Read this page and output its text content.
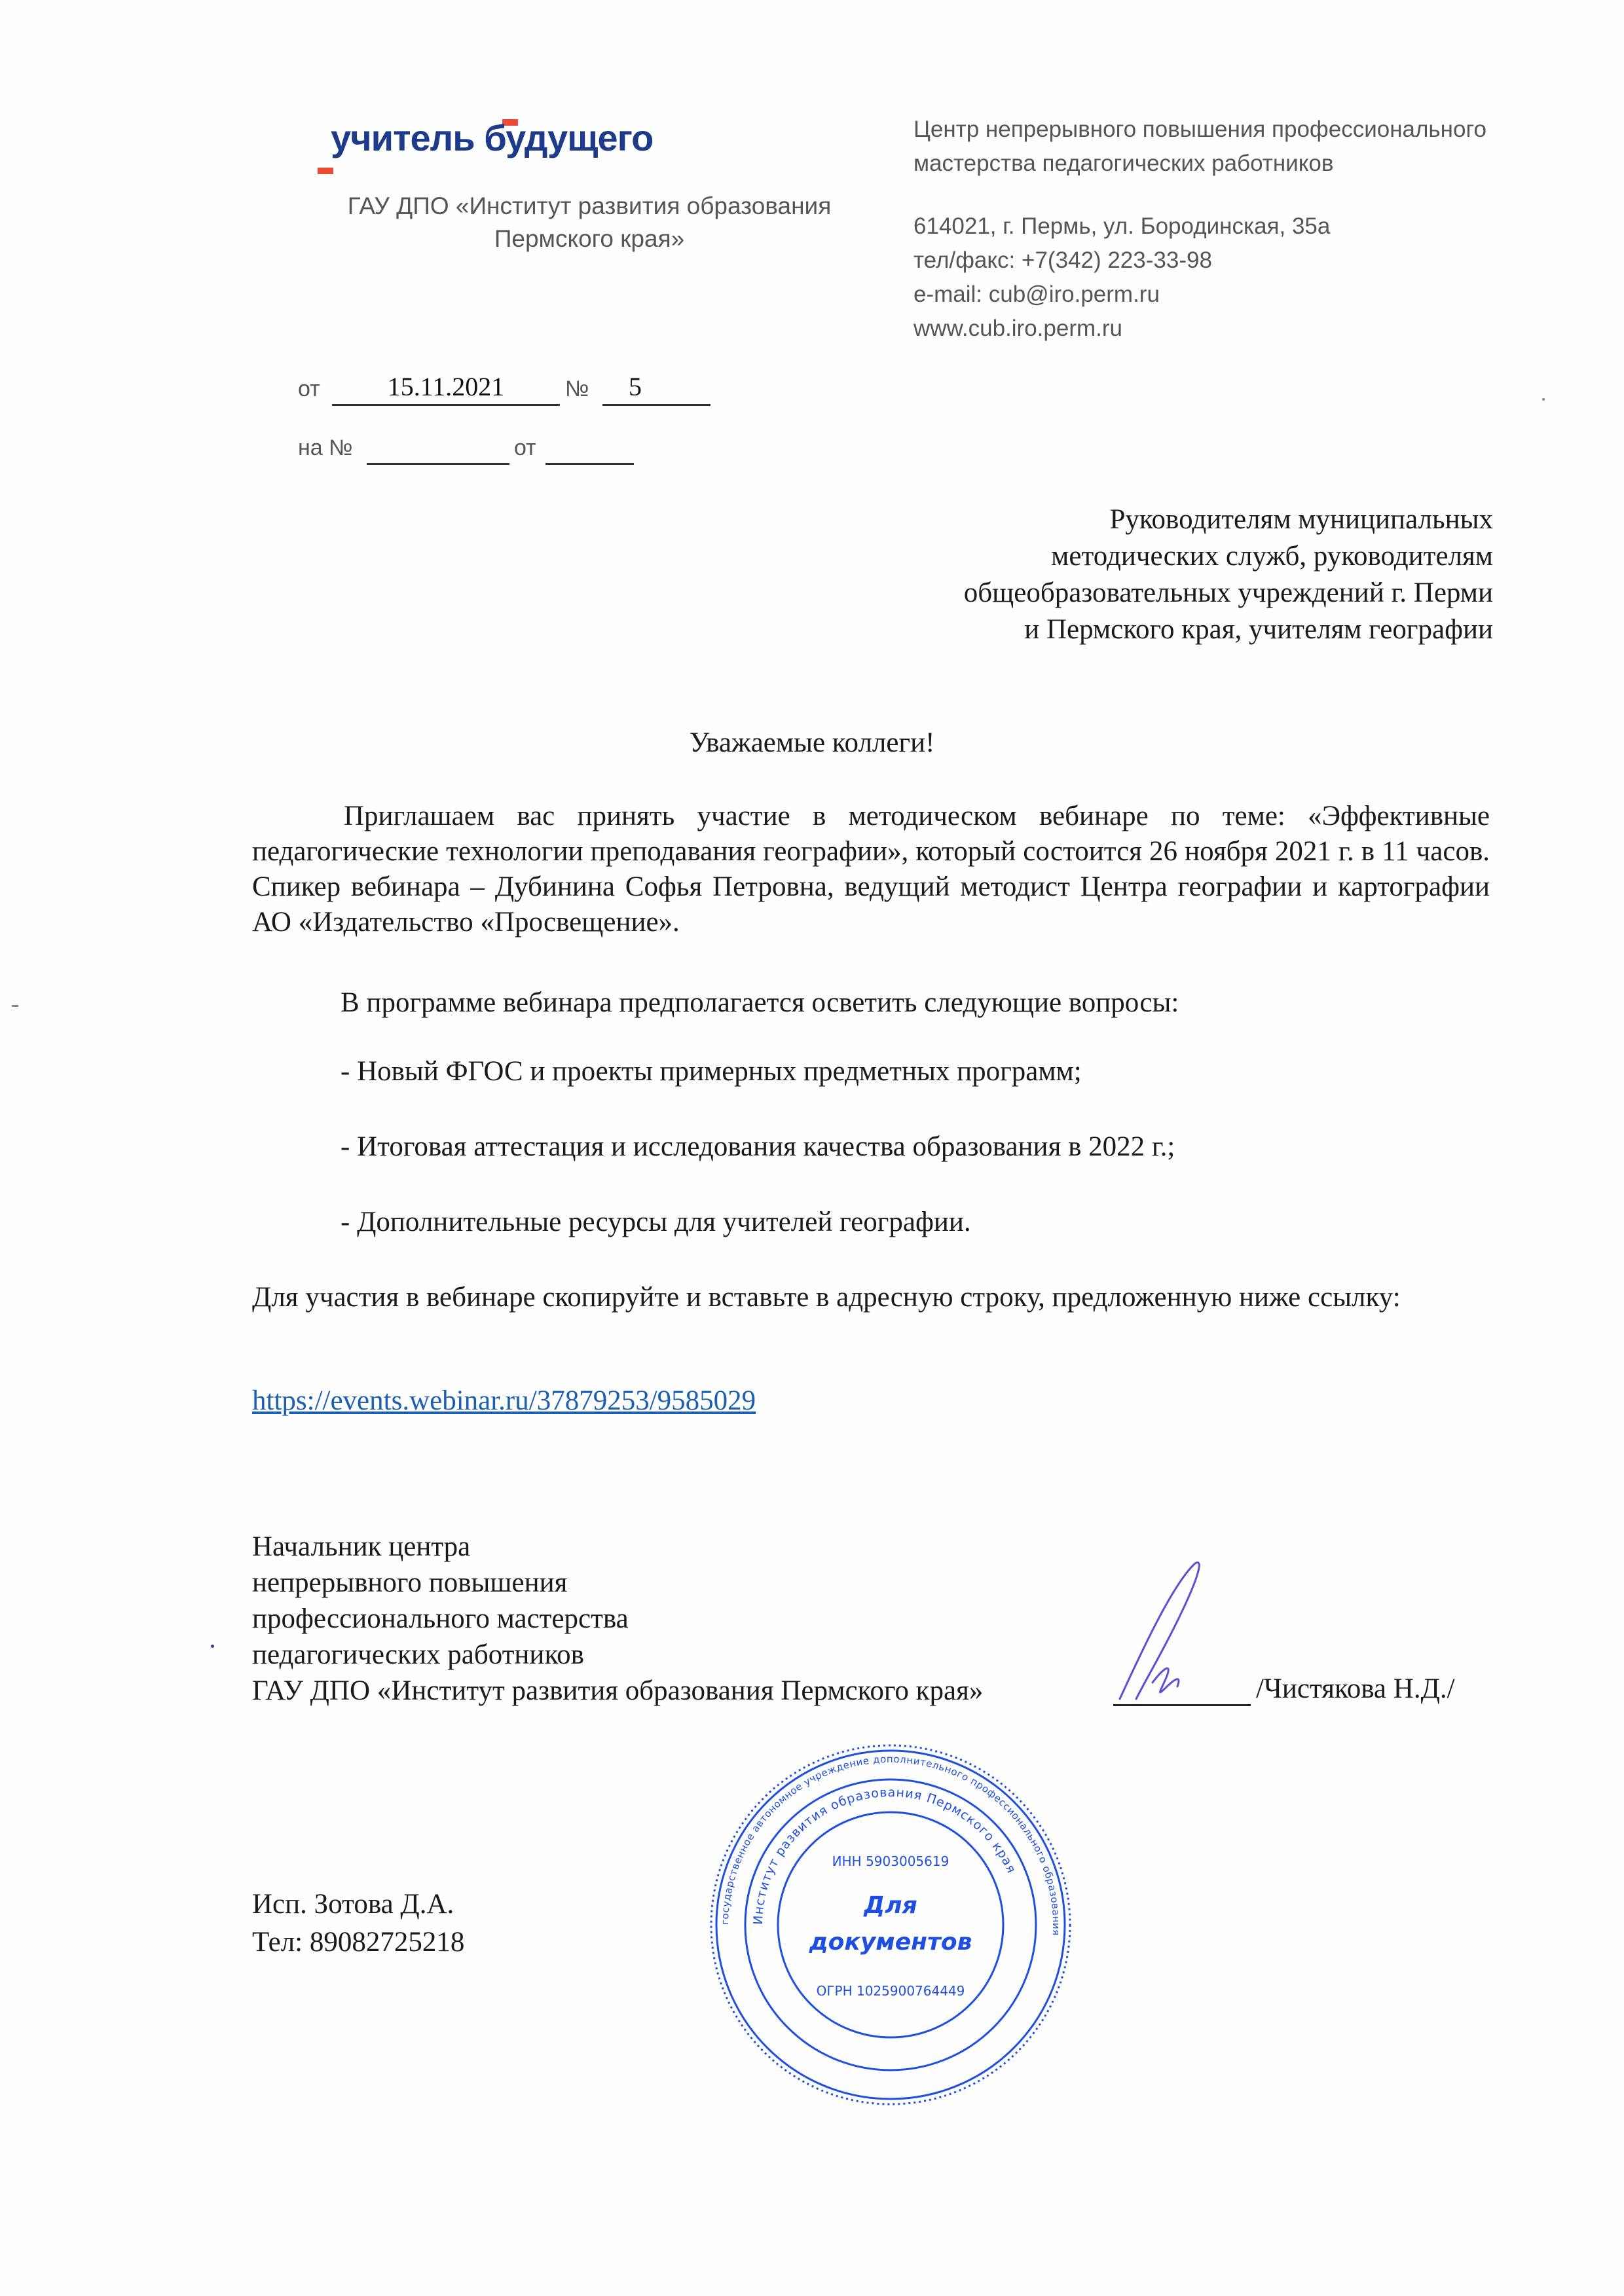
учитель будущего
ГАУ ДПО «Институт развития образования
Пермского края»
Центр непрерывного повышения профессионального
мастерства педагогических работников
614021, г. Пермь, ул. Бородинская, 35а
тел/факс: +7(342) 223-33-98
e-mail: cub@iro.perm.ru
www.cub.iro.perm.ru
от	15.11.2021	№	5
на №	от
Руководителям муниципальных
методических служб, руководителям
общеобразовательных учреждений г. Перми
и Пермского края, учителям географии
Уважаемые коллеги!
Приглашаем вас принять участие в методическом вебинаре по теме: «Эффективные педагогические технологии преподавания географии», который состоится 26 ноября 2021 г. в 11 часов. Спикер вебинара – Дубинина Софья Петровна, ведущий методист Центра географии и картографии АО «Издательство «Просвещение».
В программе вебинара предполагается осветить следующие вопросы:
- Новый ФГОС и проекты примерных предметных программ;
- Итоговая аттестация и исследования качества образования в 2022 г.;
- Дополнительные ресурсы для учителей географии.
Для участия в вебинаре скопируйте и вставьте в адресную строку, предложенную ниже ссылку:
https://events.webinar.ru/37879253/9585029
Начальник центра
непрерывного повышения
профессионального мастерства
педагогических работников
ГАУ ДПО «Институт развития образования Пермского края»	/Чистякова Н.Д./
государственное автономное учреждение дополнительного профессионального образования
Институт развития образования Пермского края
ИНН 5903005619
Для
документов
ОГРН 1025900764449
Исп. Зотова Д.А.
Тел: 89082725218
